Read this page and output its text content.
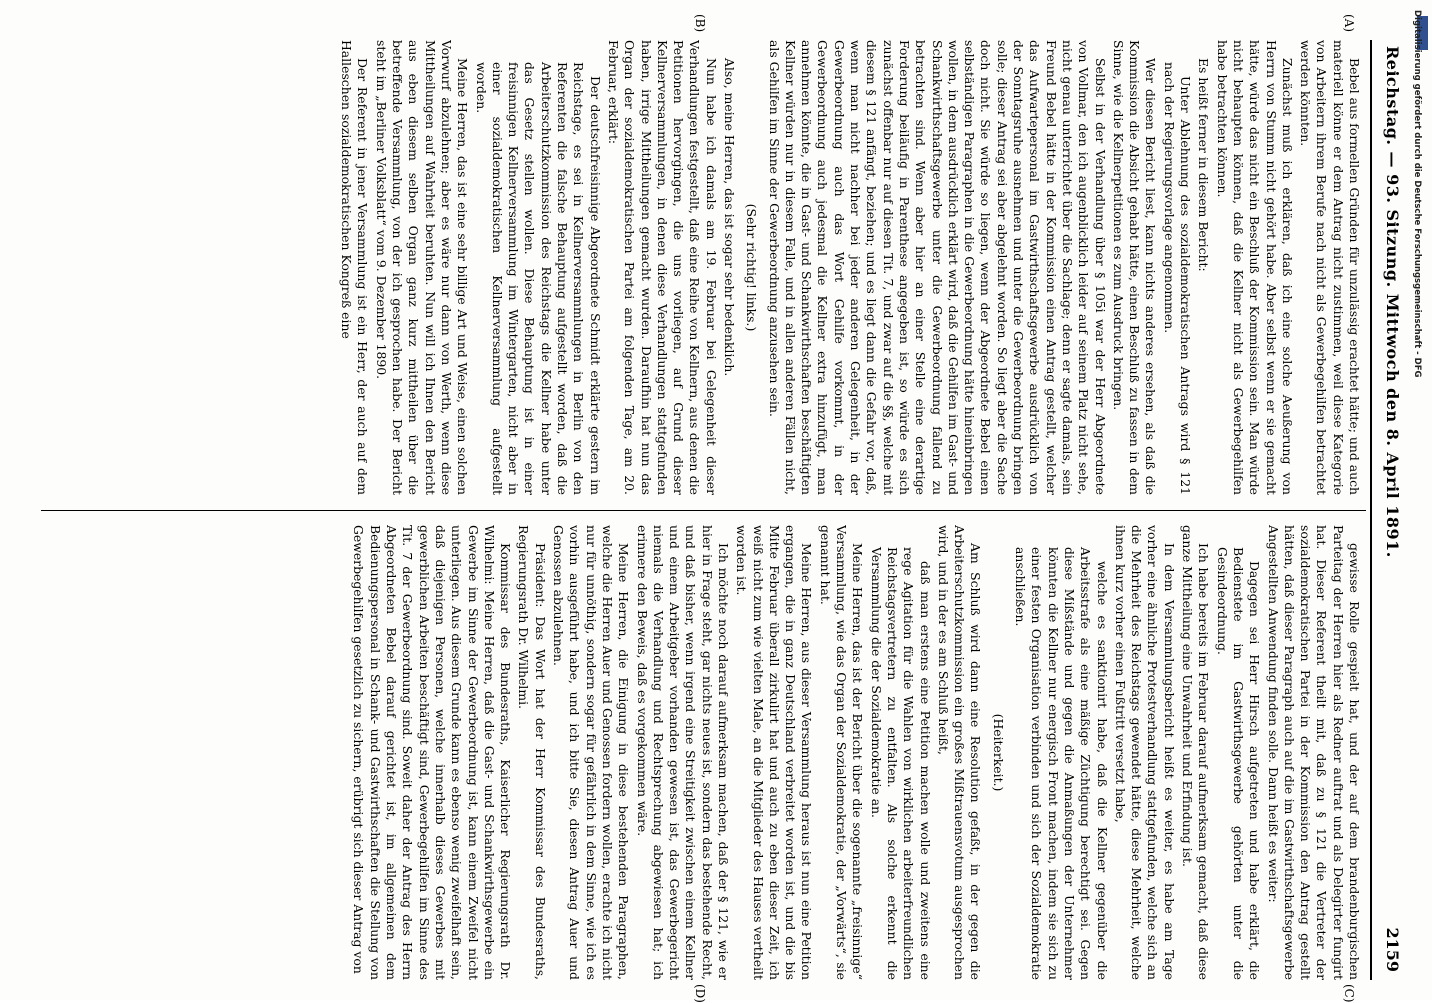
Reichstag. — 93. Sitzung. Mittwoch den 8. April 1891.
2159
(A)
(B)
(C)
(D)

Bebel aus formellen Gründen für unzulässig erachtet hätte; und auch materiell könne er dem Antrag nicht zustimmen, weil diese Kategorie von Arbeitern ihrem Berufe nach nicht als Gewerbegehilfen betrachtet werden könnten.

Zunächst muß ich erklären, daß ich eine solche Aeußerung von Herrn von Stumm nicht gehört habe. Aber selbst wenn er sie gemacht hätte, würde das nicht ein Beschluß der Kommission sein. Man würde nicht behaupten können, daß die Kellner nicht als Gewerbegehilfen habe betrachten können.

Es heißt ferner in diesem Bericht:

Unter Ablehnung des sozialdemokratischen Antrags wird § 121 nach der Regierungsvorlage angenommen.

Wer diesen Bericht liest, kann nichts anderes ersehen, als daß die Kommission die Absicht gehabt hätte, einen Beschluß zu fassen in dem Sinne, wie die Kellnerpetitionen es zum Ausdruck bringen.

Selbst in der Verhandlung über § 105i war der Herr Abgeordnete von Vollmar, den ich augenblicklich leider auf seinem Platz nicht sehe, nicht genau unterrichtet über die Sachlage; denn er sagte damals, sein Freund Bebel hätte in der Kommission einen Antrag gestellt, welcher das Aufwartepersonal im Gastwirthschaftsgewerbe ausdrücklich von der Sonntagsruhe ausnehmen und unter die Gewerbeordnung bringen solle; dieser Antrag sei aber abgelehnt worden. So liegt aber die Sache doch nicht. Sie würde so liegen, wenn der Abgeordnete Bebel einen selbständigen Paragraphen in die Gewerbeordnung hätte hineinbringen wollen, in dem ausdrücklich erklärt wird, daß die Gehilfen im Gast- und Schankwirthschaftsgewerbe unter die Gewerbeordnung fallend zu betrachten sind. Wenn aber hier an einer Stelle eine derartige Forderung beiläufig in Parenthese angegeben ist, so würde es sich zunächst offenbar nur auf diesen Tit. 7, und zwar auf die §§, welche mit diesem § 121 anfängt, beziehen; und es liegt dann die Gefahr vor, daß, wenn man nicht nachher bei jeder anderen Gelegenheit, in der Gewerbeordnung auch das Wort Gehilfe vorkommt, in der Gewerbeordnung auch jedesmal die Kellner extra hinzufügt, man annehmen könnte, die in Gast- und Schankwirthschaften beschäftigten Kellner würden nur in diesem Falle, und in allen anderen Fällen nicht, als Gehilfen im Sinne der Gewerbeordnung anzusehen sein.

(Sehr richtig! links.)

Also, meine Herren, das ist sogar sehr bedenklich.

Nun habe ich damals am 19. Februar bei Gelegenheit dieser Verhandlungen festgestellt, daß eine Reihe von Kellnern, aus denen die Petitionen hervorgingen, die uns vorliegen, auf Grund dieser Kellnerversammlungen, in denen diese Verhandlungen stattgefunden haben, irrige Mittheilungen gemacht wurden. Daraufhin hat nun das Organ der sozialdemokratischen Partei am folgenden Tage, am 20. Februar, erklärt:

Der deutschfreisinnige Abgeordnete Schmidt erklärte gestern im Reichstage, es sei in Kellnerversammlungen in Berlin von den Referenten die falsche Behauptung aufgestellt worden, daß die Arbeiterschutzkommission des Reichstags die Kellner habe unter das Gesetz stellen wollen. Diese Behauptung ist in einer freisinnigen Kellnerversammlung im Wintergarten, nicht aber in einer sozialdemokratischen Kellnerversammlung aufgestellt worden.

Meine Herren, das ist eine sehr billige Art und Weise, einen solchen Vorwurf abzulehnen; aber es wäre nur dann von Werth, wenn diese Mittheilungen auf Wahrheit beruhten. Nun will ich Ihnen den Bericht aus eben diesem selben Organ ganz kurz mittheilen über die betreffende Versammlung, von der ich gesprochen habe. Der Bericht steht im „Berliner Volksblatt“ vom 9. Dezember 1890.

Der Referent in jener Versammlung ist ein Herr, der auch auf dem Halleschen sozialdemokratischen Kongreß eine

gewisse Rolle gespielt hat, und der auf dem brandenburgischen Parteitag der Herren hier als Redner auftrat und als Delegirter fungirt hat. Dieser Referent theilt mit, daß zu § 121 die Vertreter der sozialdemokratischen Partei in der Kommission den Antrag gestellt hätten, daß dieser Paragraph auch auf die im Gastwirthschaftsgewerbe Angestellten Anwendung finden solle. Dann heißt es weiter:

Dagegen sei Herr Hirsch aufgetreten und habe erklärt, die Bedienstete im Gastwirthsgewerbe gehörten unter die Gesindeordnung.

Ich habe bereits im Februar darauf aufmerksam gemacht, daß diese ganze Mittheilung eine Unwahrheit und Erfindung ist.

In dem Versammlungsbericht heißt es weiter, es habe am Tage vorher eine ähnliche Protestverhandlung stattgefunden, welche sich an die Mehrheit des Reichstags gewendet hätte, diese Mehrheit, welche ihnen kurz vorher einen Fußtritt versetzt habe,

welche es sanktionirt habe, daß die Kellner gegenüber die Arbeitsstrafe als eine mäßige Züchtigung berechtigt sei. Gegen diese Mißstände und gegen die Anmaßungen der Unternehmer könnten die Kellner nur energisch Front machen, indem sie sich zu einer festen Organisation verbinden und sich der Sozialdemokratie anschließen.

(Heiterkeit.)

Am Schluß wird dann eine Resolution gefaßt, in der gegen die Arbeiterschutzkommission ein großes Mißtrauensvotum ausgesprochen wird, und in der es am Schluß heißt,

daß man erstens eine Petition machen wolle und zweitens eine rege Agitation für die Wahlen von wirklichen arbeiterfreundlichen Reichstagsvertretern zu entfalten. Als solche erkennt die Versammlung die der Sozialdemokratie an.

Meine Herren, das ist der Bericht über die sogenannte „freisinnige“ Versammlung, wie das Organ der Sozialdemokratie, der „Vorwärts“, sie genannt hat.

Meine Herren, aus dieser Versammlung heraus ist nun eine Petition ergangen, die in ganz Deutschland verbreitet worden ist, und die bis Mitte Februar überall zirkulirt hat und auch zu eben dieser Zeit, ich weiß nicht zum wie vielten Male, an die Mitglieder des Hauses vertheilt worden ist.

Ich möchte noch darauf aufmerksam machen, daß der § 121, wie er hier in Frage steht, gar nichts neues ist, sondern das bestehende Recht, und daß bisher, wenn irgend eine Streitigkeit zwischen einem Kellner und einem Arbeitgeber vorhanden gewesen ist, das Gewerbegericht niemals die Verhandlung und Rechtsprechung abgewiesen hat; ich erinnere den Beweis, daß es vorgekommen wäre.

Meine Herren, die Einigung in diese bestehenden Paragraphen, welche die Herren Auer und Genossen fordern wollen, erachte ich nicht nur für unnöthig, sondern sogar für gefährlich in dem Sinne, wie ich es vorhin ausgeführt habe, und ich bitte Sie, diesen Antrag Auer und Genossen abzulehnen.

Präsident: Das Wort hat der Herr Kommissar des Bundesraths, Regierungsrath Dr. Wilhelmi.

Kommissar des Bundesraths, Kaiserlicher Regierungsrath Dr. Wilhelmi: Meine Herren, daß die Gast- und Schankwirthsgewerbe ein Gewerbe im Sinne der Gewerbeordnung ist, kann einem Zweifel nicht unterliegen. Aus diesem Grunde kann es ebenso wenig zweifelhaft sein, daß diejenigen Personen, welche innerhalb dieses Gewerbes mit gewerblichen Arbeiten beschäftigt sind, Gewerbegehilfen im Sinne des Tit. 7 der Gewerbeordnung sind. Soweit daher der Antrag des Herrn Abgeordneten Bebel darauf gerichtet ist, im allgemeinen dem Bedienungspersonal in Schank- und Gastwirthschaften die Stellung von Gewerbegehilfen gesetzlich zu sichern, erübrigt sich dieser Antrag von

Digitalisierung gefördert durch die Deutsche Forschungsgemeinschaft - DFG
